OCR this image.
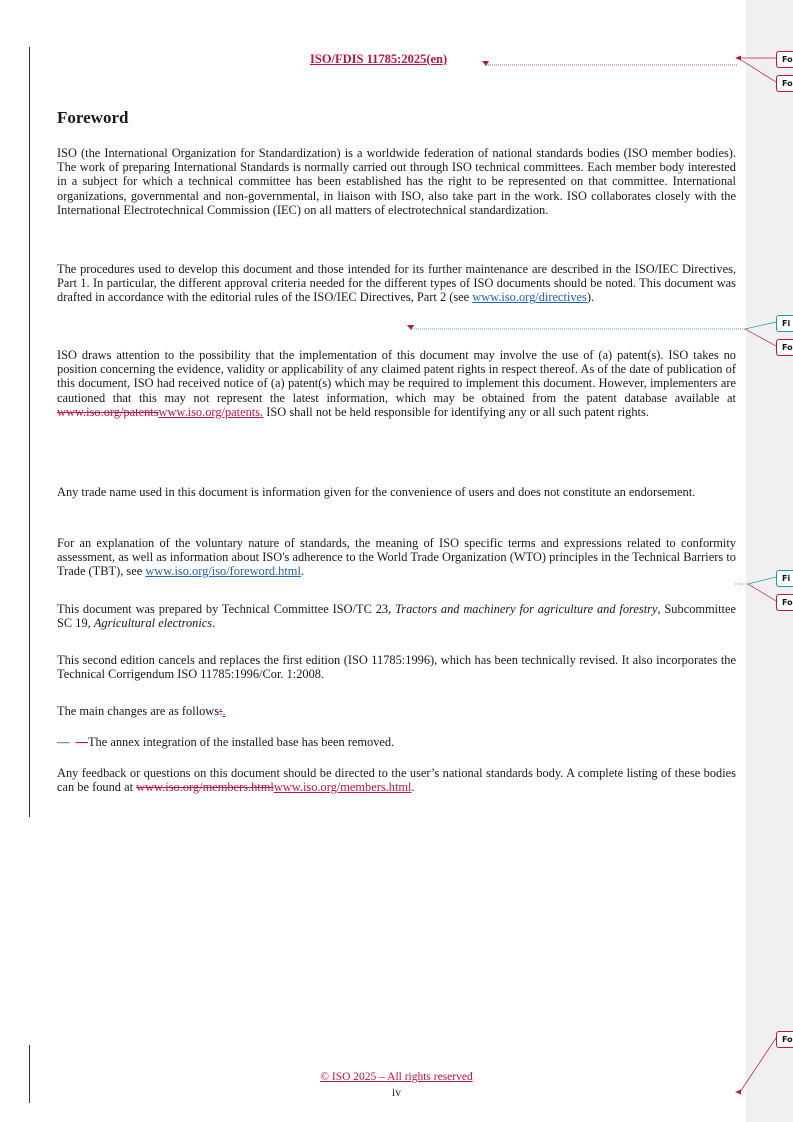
Fo
Fo
Fi
Fo
Fi
Fo
Fo
ISO/FDIS 11785:2025(en)
Foreword
ISO (the International Organization for Standardization) is a worldwide federation of national standards bodies (ISO member bodies). The work of preparing International Standards is normally carried out through ISO technical committees. Each member body interested in a subject for which a technical committee has been established has the right to be represented on that committee. International organizations, governmental and non-governmental, in liaison with ISO, also take part in the work. ISO collaborates closely with the International Electrotechnical Commission (IEC) on all matters of electrotechnical standardization.
The procedures used to develop this document and those intended for its further maintenance are described in the ISO/IEC Directives, Part 1. In particular, the different approval criteria needed for the different types of ISO documents should be noted. This document was drafted in accordance with the editorial rules of the ISO/IEC Directives, Part 2 (see www.iso.org/directives).
ISO draws attention to the possibility that the implementation of this document may involve the use of (a) patent(s). ISO takes no position concerning the evidence, validity or applicability of any claimed patent rights in respect thereof. As of the date of publication of this document, ISO had received notice of (a) patent(s) which may be required to implement this document. However, implementers are cautioned that this may not represent the latest information, which may be obtained from the patent database available at www.iso.org/patentswww.iso.org/patents. ISO shall not be held responsible for identifying any or all such patent rights.
Any trade name used in this document is information given for the convenience of users and does not constitute an endorsement.
For an explanation of the voluntary nature of standards, the meaning of ISO specific terms and expressions related to conformity assessment, as well as information about ISO's adherence to the World Trade Organization (WTO) principles in the Technical Barriers to Trade (TBT), see www.iso.org/iso/foreword.html.
This document was prepared by Technical Committee ISO/TC 23, Tractors and machinery for agriculture and forestry, Subcommittee SC 19, Agricultural electronics.
This second edition cancels and replaces the first edition (ISO 11785:1996), which has been technically revised. It also incorporates the Technical Corrigendum ISO 11785:1996/Cor. 1:2008.
The main changes are as follows:.
— —The annex integration of the installed base has been removed.
Any feedback or questions on this document should be directed to the user’s national standards body. A complete listing of these bodies can be found at www.iso.org/members.htmlwww.iso.org/members.html.
© ISO 2025 – All rights reserved
iv
